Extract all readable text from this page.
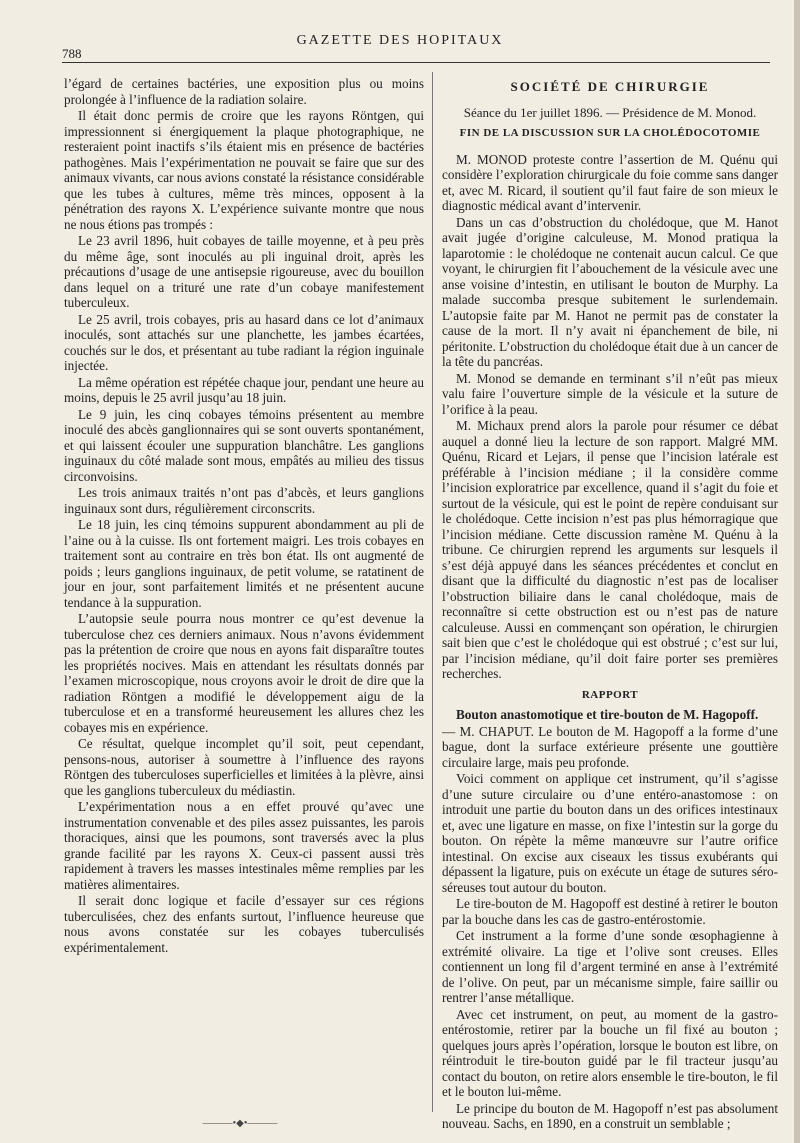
788
GAZETTE DES HOPITAUX

l’égard de certaines bactéries, une exposition plus ou moins prolongée à l’influence de la radiation solaire.

Il était donc permis de croire que les rayons Röntgen, qui impressionnent si énergiquement la plaque photographique, ne resteraient point inactifs s’ils étaient mis en présence de bactéries pathogènes. Mais l’expérimentation ne pouvait se faire que sur des animaux vivants, car nous avions constaté la résistance considérable que les tubes à cultures, même très minces, opposent à la pénétration des rayons X. L’expérience suivante montre que nous ne nous étions pas trompés :

Le 23 avril 1896, huit cobayes de taille moyenne, et à peu près du même âge, sont inoculés au pli inguinal droit, après les précautions d’usage de une antisepsie rigoureuse, avec du bouillon dans lequel on a trituré une rate d’un cobaye manifestement tuberculeux.

Le 25 avril, trois cobayes, pris au hasard dans ce lot d’animaux inoculés, sont attachés sur une planchette, les jambes écartées, couchés sur le dos, et présentant au tube radiant la région inguinale injectée.

La même opération est répétée chaque jour, pendant une heure au moins, depuis le 25 avril jusqu’au 18 juin.

Le 9 juin, les cinq cobayes témoins présentent au membre inoculé des abcès ganglionnaires qui se sont ouverts spontanément, et qui laissent écouler une suppuration blanchâtre. Les ganglions inguinaux du côté malade sont mous, empâtés au milieu des tissus circonvoisins.

Les trois animaux traités n’ont pas d’abcès, et leurs ganglions inguinaux sont durs, régulièrement circonscrits.

Le 18 juin, les cinq témoins suppurent abondamment au pli de l’aine ou à la cuisse. Ils ont fortement maigri. Les trois cobayes en traitement sont au contraire en très bon état. Ils ont augmenté de poids ; leurs ganglions inguinaux, de petit volume, se ratatinent de jour en jour, sont parfaitement limités et ne présentent aucune tendance à la suppuration.

L’autopsie seule pourra nous montrer ce qu’est devenue la tuberculose chez ces derniers animaux. Nous n’avons évidemment pas la prétention de croire que nous en ayons fait disparaître toutes les propriétés nocives. Mais en attendant les résultats donnés par l’examen microscopique, nous croyons avoir le droit de dire que la radiation Röntgen a modifié le développement aigu de la tuberculose et en a transformé heureusement les allures chez les cobayes mis en expérience.

Ce résultat, quelque incomplet qu’il soit, peut cependant, pensons-nous, autoriser à soumettre à l’influence des rayons Röntgen des tuberculoses superficielles et limitées à la plèvre, ainsi que les ganglions tuberculeux du médiastin.

L’expérimentation nous a en effet prouvé qu’avec une instrumentation convenable et des piles assez puissantes, les parois thoraciques, ainsi que les poumons, sont traversés avec la plus grande facilité par les rayons X. Ceux-ci passent aussi très rapidement à travers les masses intestinales même remplies par les matières alimentaires.

Il serait donc logique et facile d’essayer sur ces régions tuberculisées, chez des enfants surtout, l’influence heureuse que nous avons constatée sur les cobayes tuberculisés expérimentalement.

———•◆•———
SOCIÉTÉ DE CHIRURGIE
Séance du 1er juillet 1896. — Présidence de M. Monod.
FIN DE LA DISCUSSION SUR LA CHOLÉDOCOTOMIE

M. MONOD proteste contre l’assertion de M. Quénu qui considère l’exploration chirurgicale du foie comme sans danger et, avec M. Ricard, il soutient qu’il faut faire de son mieux le diagnostic médical avant d’intervenir.

Dans un cas d’obstruction du cholédoque, que M. Hanot avait jugée d’origine calculeuse, M. Monod pratiqua la laparotomie : le cholédoque ne contenait aucun calcul. Ce que voyant, le chirurgien fit l’abouchement de la vésicule avec une anse voisine d’intestin, en utilisant le bouton de Murphy. La malade succomba presque subitement le surlendemain. L’autopsie faite par M. Hanot ne permit pas de constater la cause de la mort. Il n’y avait ni épanchement de bile, ni péritonite. L’obstruction du cholédoque était due à un cancer de la tête du pancréas.

M. Monod se demande en terminant s’il n’eût pas mieux valu faire l’ouverture simple de la vésicule et la suture de l’orifice à la peau.

M. Michaux prend alors la parole pour résumer ce débat auquel a donné lieu la lecture de son rapport. Malgré MM. Quénu, Ricard et Lejars, il pense que l’incision latérale est préférable à l’incision médiane ; il la considère comme l’incision exploratrice par excellence, quand il s’agit du foie et surtout de la vésicule, qui est le point de repère conduisant sur le cholédoque. Cette incision n’est pas plus hémorragique que l’incision médiane. Cette discussion ramène M. Quénu à la tribune. Ce chirurgien reprend les arguments sur lesquels il s’est déjà appuyé dans les séances précédentes et conclut en disant que la difficulté du diagnostic n’est pas de localiser l’obstruction biliaire dans le canal cholédoque, mais de reconnaître si cette obstruction est ou n’est pas de nature calculeuse. Aussi en commençant son opération, le chirurgien sait bien que c’est le cholédoque qui est obstrué ; c’est sur lui, par l’incision médiane, qu’il doit faire porter ses premières recherches.

RAPPORT

Bouton anastomotique et tire-bouton de M. Hagopoff.

— M. CHAPUT. Le bouton de M. Hagopoff a la forme d’une bague, dont la surface extérieure présente une gouttière circulaire large, mais peu profonde.

Voici comment on applique cet instrument, qu’il s’agisse d’une suture circulaire ou d’une entéro-anastomose : on introduit une partie du bouton dans un des orifices intestinaux et, avec une ligature en masse, on fixe l’intestin sur la gorge du bouton. On répète la même manœuvre sur l’autre orifice intestinal. On excise aux ciseaux les tissus exubérants qui dépassent la ligature, puis on exécute un étage de sutures séro-séreuses tout autour du bouton.

Le tire-bouton de M. Hagopoff est destiné à retirer le bouton par la bouche dans les cas de gastro-entérostomie.

Cet instrument a la forme d’une sonde œsophagienne à extrémité olivaire. La tige et l’olive sont creuses. Elles contiennent un long fil d’argent terminé en anse à l’extrémité de l’olive. On peut, par un mécanisme simple, faire saillir ou rentrer l’anse métallique.

Avec cet instrument, on peut, au moment de la gastro-entérostomie, retirer par la bouche un fil fixé au bouton ; quelques jours après l’opération, lorsque le bouton est libre, on réintroduit le tire-bouton guidé par le fil tracteur jusqu’au contact du bouton, on retire alors ensemble le tire-bouton, le fil et le bouton lui-même.

Le principe du bouton de M. Hagopoff n’est pas absolument nouveau. Sachs, en 1890, en a construit un semblable ;
